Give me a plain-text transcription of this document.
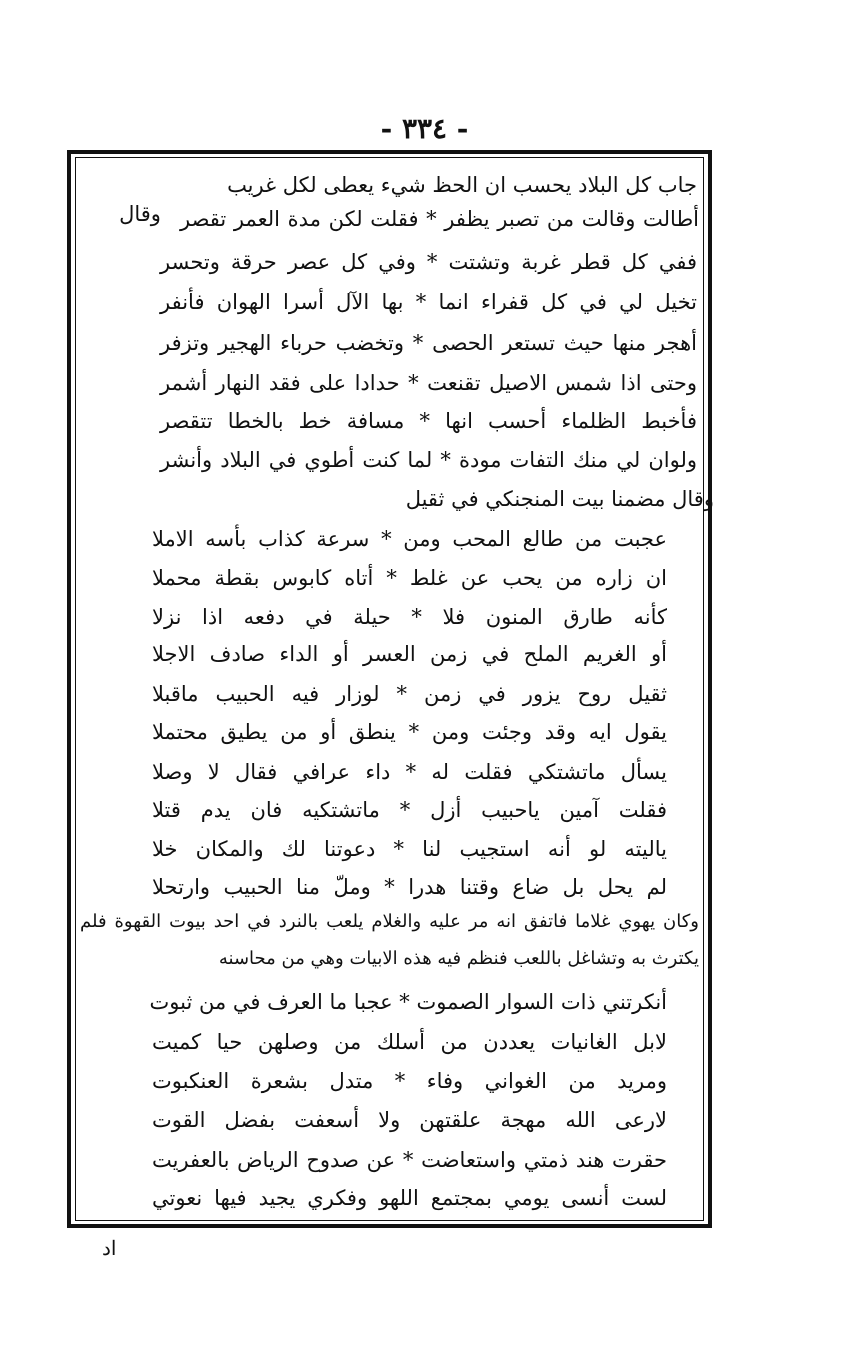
- ٣٣٤ -
وقال
جاب كل البلاد يحسب ان الحظ شيء يعطى لكل غريب
أطالت وقالت من تصبر يظفر * فقلت لكن مدة العمر تقصر
ففي كل قطر غربة وتشتت * وفي كل عصر حرقة وتحسر
تخيل لي في كل قفراء انما * بها الآل أسرا الهوان فأنفر
أهجر منها حيث تستعر الحصى * وتخضب حرباء الهجير وتزفر
وحتى اذا شمس الاصيل تقنعت * حدادا على فقد النهار أشمر
فأخبط الظلماء أحسب انها * مسافة خط بالخطا تتقصر
ولوان لي منك التفات مودة * لما كنت أطوي في البلاد وأنشر
وقال مضمنا بيت المنجنكي في ثقيل
عجبت من طالع المحب ومن * سرعة كذاب بأسه الاملا
ان زاره من يحب عن غلط * أتاه كابوس بقطة محملا
كأنه طارق المنون فلا * حيلة في دفعه اذا نزلا
أو الغريم الملح في زمن العسر أو الداء صادف الاجلا
ثقيل روح يزور في زمن * لوزار فيه الحبيب ماقبلا
يقول ايه وقد وجئت ومن * ينطق أو من يطيق محتملا
يسأل ماتشتكي فقلت له * داء عرافي فقال لا وصلا
فقلت آمين ياحبيب أزل * ماتشتكيه فان يدم قتلا
ياليته لو أنه استجيب لنا * دعوتنا لك والمكان خلا
لم يحل بل ضاع وقتنا هدرا * وملّ منا الحبيب وارتحلا
وكان يهوي غلاما فاتفق انه مر عليه والغلام يلعب بالنرد في احد بيوت القهوة فلم
يكترث به وتشاغل باللعب فنظم فيه هذه الابيات وهي من محاسنه
أنكرتني ذات السوار الصموت * عجبا ما العرف في من ثبوت
لابل الغانيات يعددن من أسلك من وصلهن حيا كميت
ومريد من الغواني وفاء * متدل بشعرة العنكبوت
لارعى الله مهجة علقتهن ولا أسعفت بفضل القوت
حقرت هند ذمتي واستعاضت * عن صدوح الرياض بالعفريت
لست أنسى يومي بمجتمع اللهو وفكري يجيد فيها نعوتي
اد
